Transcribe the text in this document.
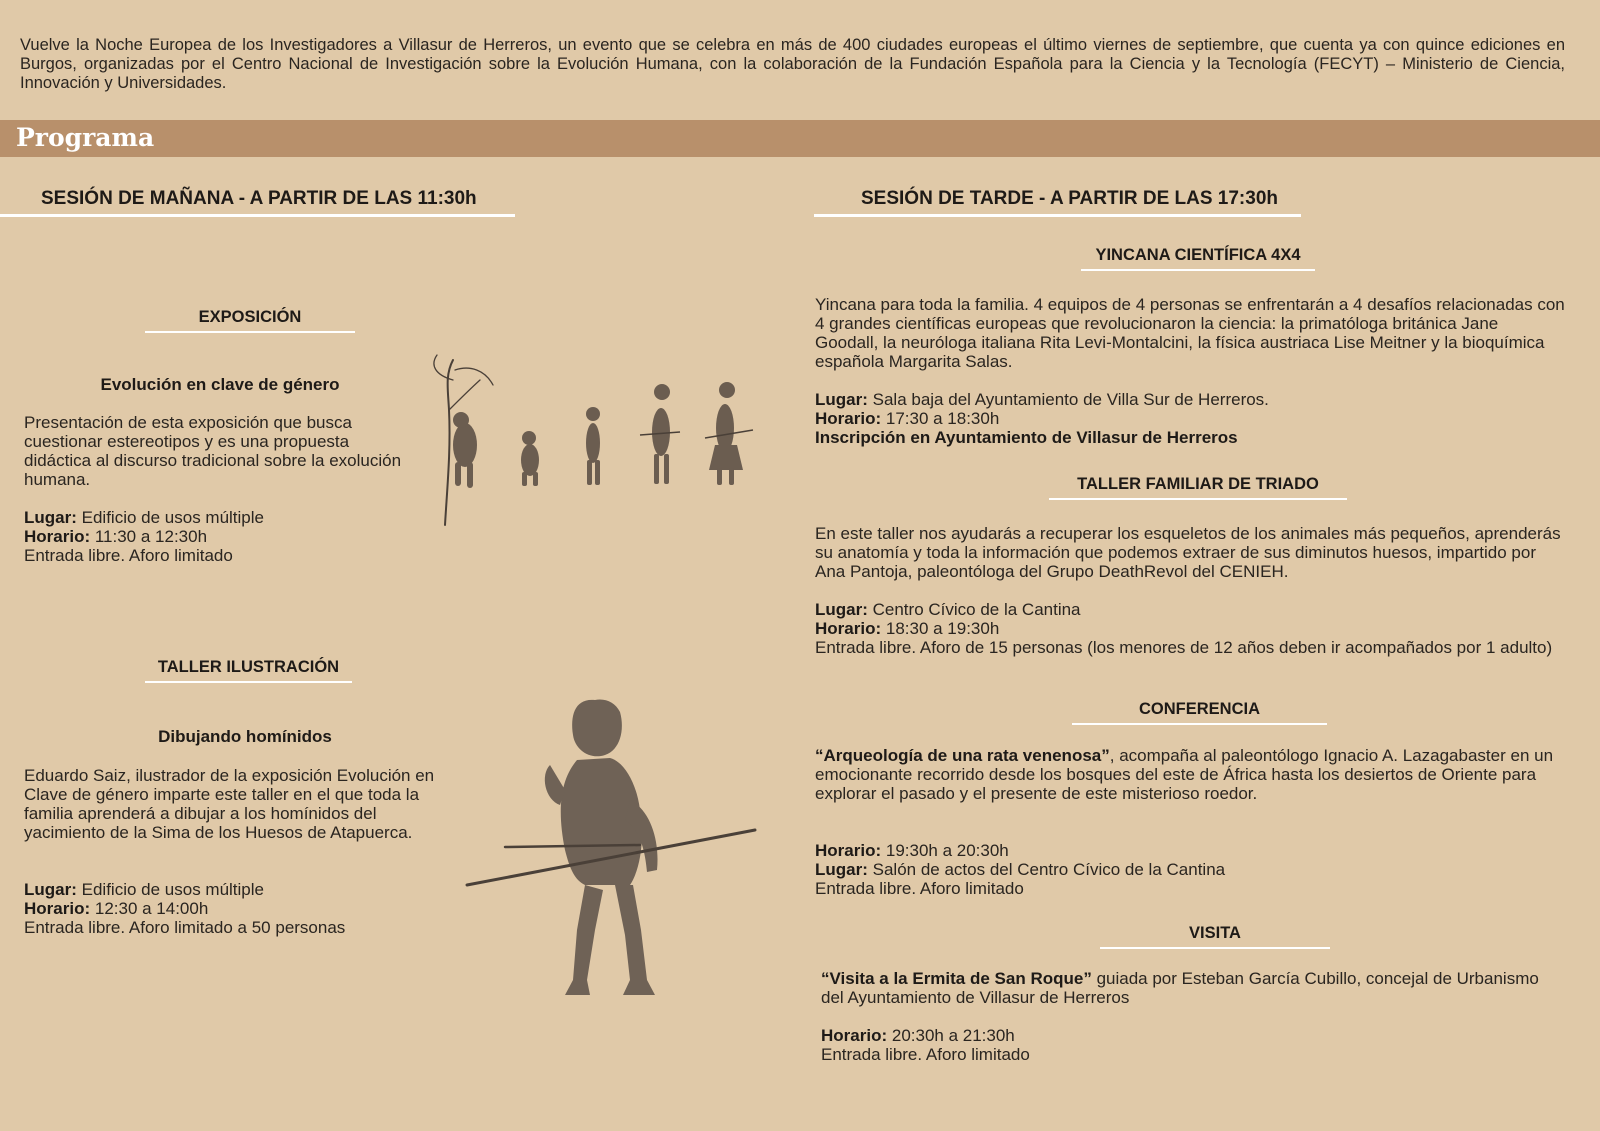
Vuelve la Noche Europea de los Investigadores a Villasur de Herreros, un evento que se celebra en más de 400 ciudades europeas el último viernes de septiembre, que cuenta ya con quince ediciones en Burgos, organizadas por el Centro Nacional de Investigación sobre la Evolución Humana, con la colaboración de la Fundación Española para la Ciencia y la Tecnología (FECYT) – Ministerio de Ciencia, Innovación y Universidades.
Programa
SESIÓN DE MAÑANA - A PARTIR DE LAS 11:30h
EXPOSICIÓN
Evolución en clave de género
Presentación de esta exposición que busca cuestionar estereotipos y es una propuesta didáctica al discurso tradicional sobre la exolución humana.
Lugar: Edificio de usos múltiple
Horario: 11:30 a 12:30h
Entrada libre. Aforo limitado
TALLER ILUSTRACIÓN
Dibujando homínidos
Eduardo Saiz, ilustrador de la exposición Evolución en Clave de género imparte este taller en el que toda la familia aprenderá a dibujar a los homínidos del yacimiento de la Sima de los Huesos de Atapuerca.
Lugar: Edificio de usos múltiple
Horario: 12:30 a 14:00h
Entrada libre. Aforo limitado a 50 personas
SESIÓN DE TARDE - A PARTIR DE LAS 17:30h
YINCANA CIENTÍFICA 4X4
Yincana para toda la familia. 4 equipos de 4 personas se enfrentarán a 4 desafíos relacionadas con 4 grandes científicas europeas que revolucionaron la ciencia: la primatóloga británica Jane Goodall, la neuróloga italiana Rita Levi-Montalcini, la física austriaca Lise Meitner y la bioquímica española Margarita Salas.
Lugar: Sala baja del Ayuntamiento de Villa Sur de Herreros.
Horario: 17:30 a 18:30h
Inscripción en Ayuntamiento de Villasur de Herreros
TALLER FAMILIAR DE TRIADO
En este taller nos ayudarás a recuperar los esqueletos de los animales más pequeños, aprenderás su anatomía y toda la información que podemos extraer de sus diminutos huesos, impartido por Ana Pantoja, paleontóloga del Grupo DeathRevol del CENIEH.
Lugar: Centro Cívico de la Cantina
Horario: 18:30 a 19:30h
Entrada libre. Aforo de 15 personas (los menores de 12 años deben ir acompañados por 1 adulto)
CONFERENCIA
“Arqueología de una rata venenosa”, acompaña al paleontólogo Ignacio A. Lazagabaster en un emocionante recorrido desde los bosques del este de África hasta los desiertos de Oriente para explorar el pasado y el presente de este misterioso roedor.
Horario: 19:30h a 20:30h
Lugar: Salón de actos del Centro Cívico de la Cantina
Entrada libre. Aforo limitado
VISITA
“Visita a la Ermita de San Roque” guiada por Esteban García Cubillo, concejal de Urbanismo del Ayuntamiento de Villasur de Herreros
Horario: 20:30h a 21:30h
Entrada libre. Aforo limitado
